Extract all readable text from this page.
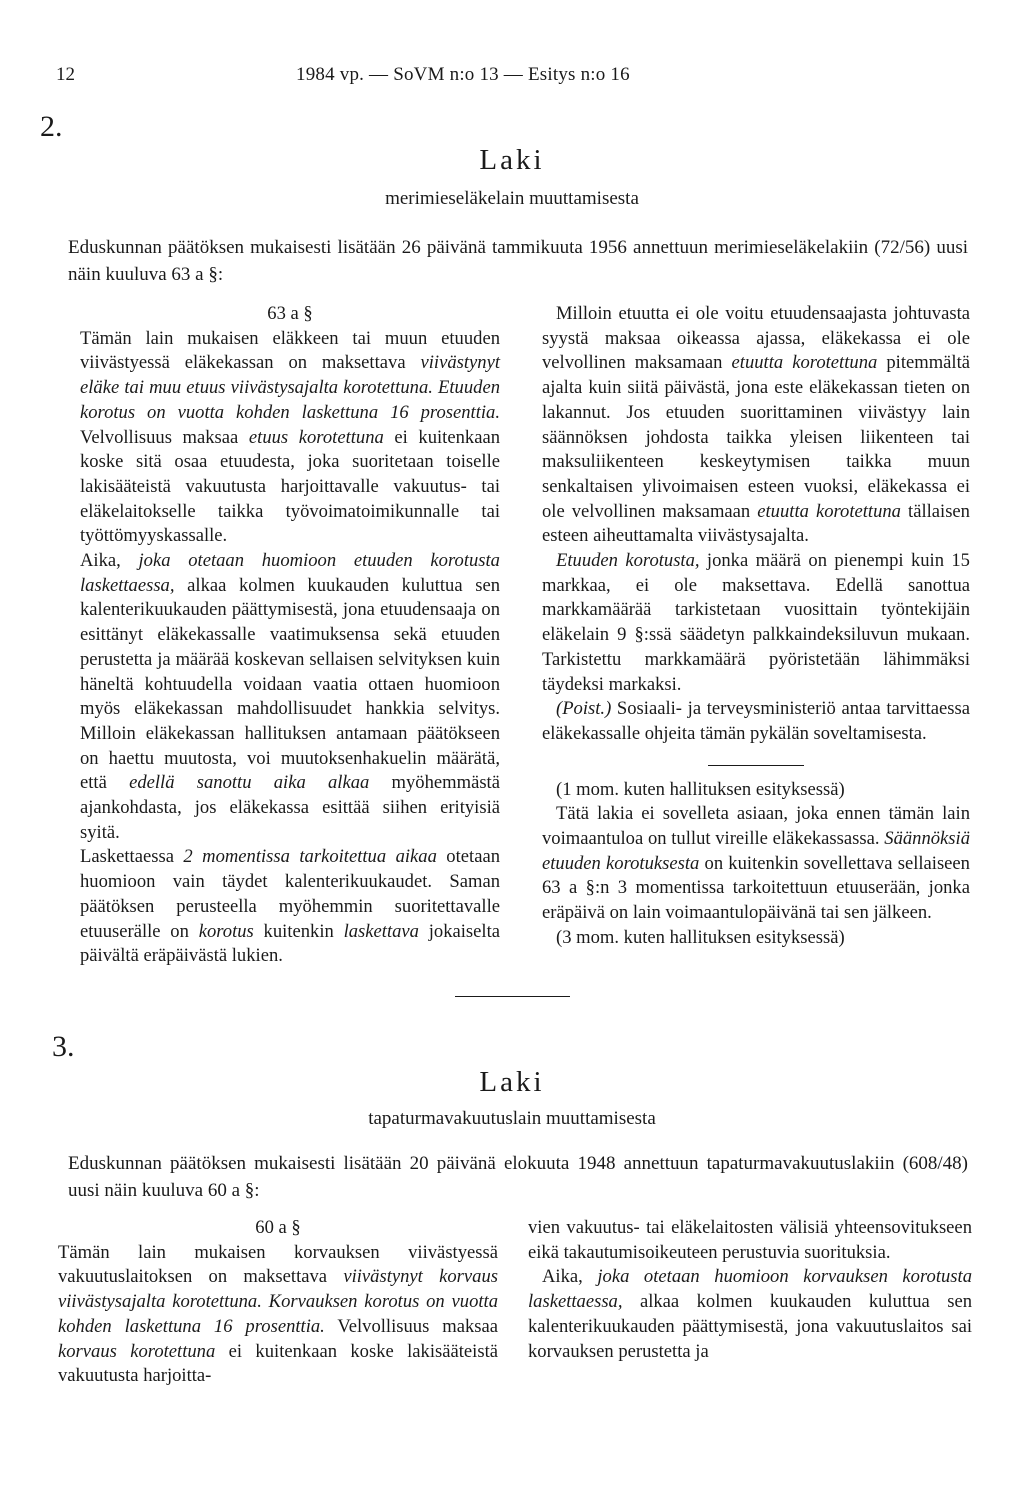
12	1984 vp. — SoVM n:o 13 — Esitys n:o 16
2.
Laki
merimieseläkelain muuttamisesta
Eduskunnan päätöksen mukaisesti lisätään 26 päivänä tammikuuta 1956 annettuun merimieseläkelakiin (72/56) uusi näin kuuluva 63 a §:

63 a §

Tämän lain mukaisen eläkkeen tai muun etuuden viivästyessä eläkekassan on maksettava viivästynyt eläke tai muu etuus viivästysajalta korotettuna. Etuuden korotus on vuotta kohden laskettuna 16 prosenttia. Velvollisuus maksaa etuus korotettuna ei kuitenkaan koske sitä osaa etuudesta, joka suoritetaan toiselle lakisääteistä vakuutusta harjoittavalle vakuutus- tai eläkelaitokselle taikka työvoimatoimikunnalle tai työttömyyskassalle.

Aika, joka otetaan huomioon etuuden korotusta laskettaessa, alkaa kolmen kuukauden kuluttua sen kalenterikuukauden päättymisestä, jona etuudensaaja on esittänyt eläkekassalle vaatimuksensa sekä etuuden perustetta ja määrää koskevan sellaisen selvityksen kuin häneltä kohtuudella voidaan vaatia ottaen huomioon myös eläkekassan mahdollisuudet hankkia selvitys. Milloin eläkekassan hallituksen antamaan päätökseen on haettu muutosta, voi muutoksenhakuelin määrätä, että edellä sanottu aika alkaa myöhemmästä ajankohdasta, jos eläkekassa esittää siihen erityisiä syitä.

Laskettaessa 2 momentissa tarkoitettua aikaa otetaan huomioon vain täydet kalenterikuukaudet. Saman päätöksen perusteella myöhemmin suoritettavalle etuuserälle on korotus kuitenkin laskettava jokaiselta päivältä eräpäivästä lukien.

Milloin etuutta ei ole voitu etuudensaajasta johtuvasta syystä maksaa oikeassa ajassa, eläkekassa ei ole velvollinen maksamaan etuutta korotettuna pitemmältä ajalta kuin siitä päivästä, jona este eläkekassan tieten on lakannut. Jos etuuden suorittaminen viivästyy lain säännöksen johdosta taikka yleisen liikenteen tai maksuliikenteen keskeytymisen taikka muun senkaltaisen ylivoimaisen esteen vuoksi, eläkekassa ei ole velvollinen maksamaan etuutta korotettuna tällaisen esteen aiheuttamalta viivästysajalta.

Etuuden korotusta, jonka määrä on pienempi kuin 15 markkaa, ei ole maksettava. Edellä sanottua markkamäärää tarkistetaan vuosittain työntekijäin eläkelain 9 §:ssä säädetyn palkkaindeksiluvun mukaan. Tarkistettu markkamäärä pyöristetään lähimmäksi täydeksi markaksi.

(Poist.) Sosiaali- ja terveysministeriö antaa tarvittaessa eläkekassalle ohjeita tämän pykälän soveltamisesta.

(1 mom. kuten hallituksen esityksessä)

Tätä lakia ei sovelleta asiaan, joka ennen tämän lain voimaantuloa on tullut vireille eläkekassassa. Säännöksiä etuuden korotuksesta on kuitenkin sovellettava sellaiseen 63 a §:n 3 momentissa tarkoitettuun etuuserään, jonka eräpäivä on lain voimaantulopäivänä tai sen jälkeen.

(3 mom. kuten hallituksen esityksessä)

3.
Laki
tapaturmavakuutuslain muuttamisesta
Eduskunnan päätöksen mukaisesti lisätään 20 päivänä elokuuta 1948 annettuun tapaturmavakuutuslakiin (608/48) uusi näin kuuluva 60 a §:

60 a §

Tämän lain mukaisen korvauksen viivästyessä vakuutuslaitoksen on maksettava viivästynyt korvaus viivästysajalta korotettuna. Korvauksen korotus on vuotta kohden laskettuna 16 prosenttia. Velvollisuus maksaa korvaus korotettuna ei kuitenkaan koske lakisääteistä vakuutusta harjoitta-

vien vakuutus- tai eläkelaitosten välisiä yhteensovitukseen eikä takautumisoikeuteen perustuvia suorituksia.

Aika, joka otetaan huomioon korvauksen korotusta laskettaessa, alkaa kolmen kuukauden kuluttua sen kalenterikuukauden päättymisestä, jona vakuutuslaitos sai korvauksen perustetta ja
